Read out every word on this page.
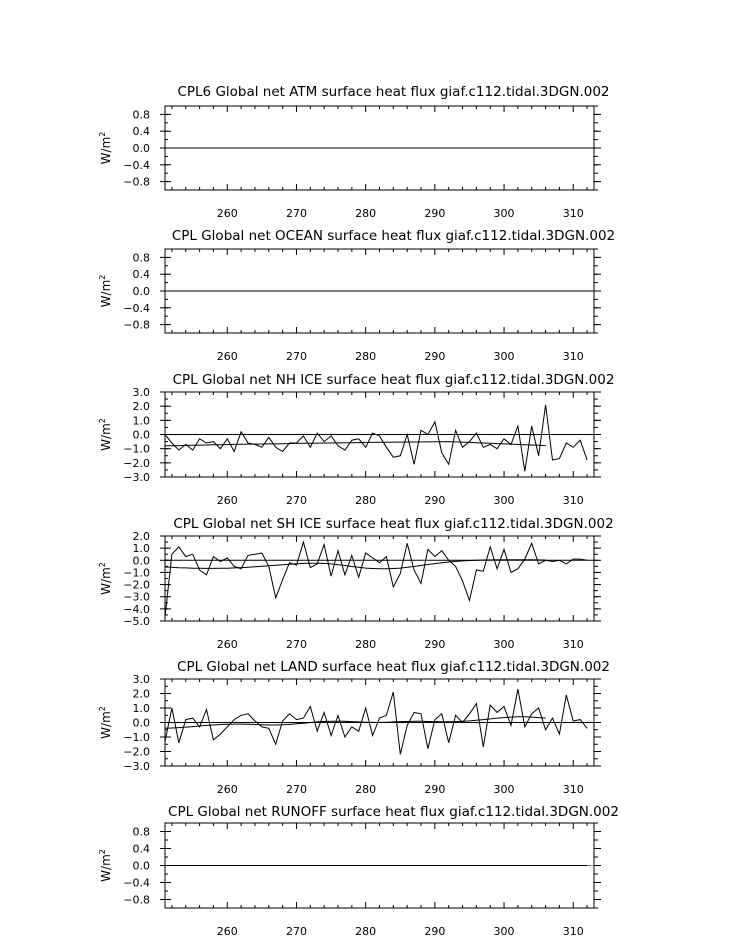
CPL6 Global net ATM surface heat flux giaf.c112.tidal.3DGN.002
260	270	280	290	300	310
0.8
0.4
0.0
−0.4
−0.8
$W/m^2$
CPL Global net OCEAN surface heat flux giaf.c112.tidal.3DGN.002
260	270	280	290	300	310
0.8
0.4
0.0
−0.4
−0.8
$W/m^2$
CPL Global net NH ICE surface heat flux giaf.c112.tidal.3DGN.002
260	270	280	290	300	310
3.0
2.0
1.0
0.0
−1.0
−2.0
−3.0
$W/m^2$
CPL Global net SH ICE surface heat flux giaf.c112.tidal.3DGN.002
260	270	280	290	300	310
2.0
1.0
0.0
−1.0
−2.0
−3.0
−4.0
−5.0
$W/m^2$
CPL Global net LAND surface heat flux giaf.c112.tidal.3DGN.002
260	270	280	290	300	310
3.0
2.0
1.0
0.0
−1.0
−2.0
−3.0
$W/m^2$
CPL Global net RUNOFF surface heat flux giaf.c112.tidal.3DGN.002
260	270	280	290	300	310
0.8
0.4
0.0
−0.4
−0.8
$W/m^2$
